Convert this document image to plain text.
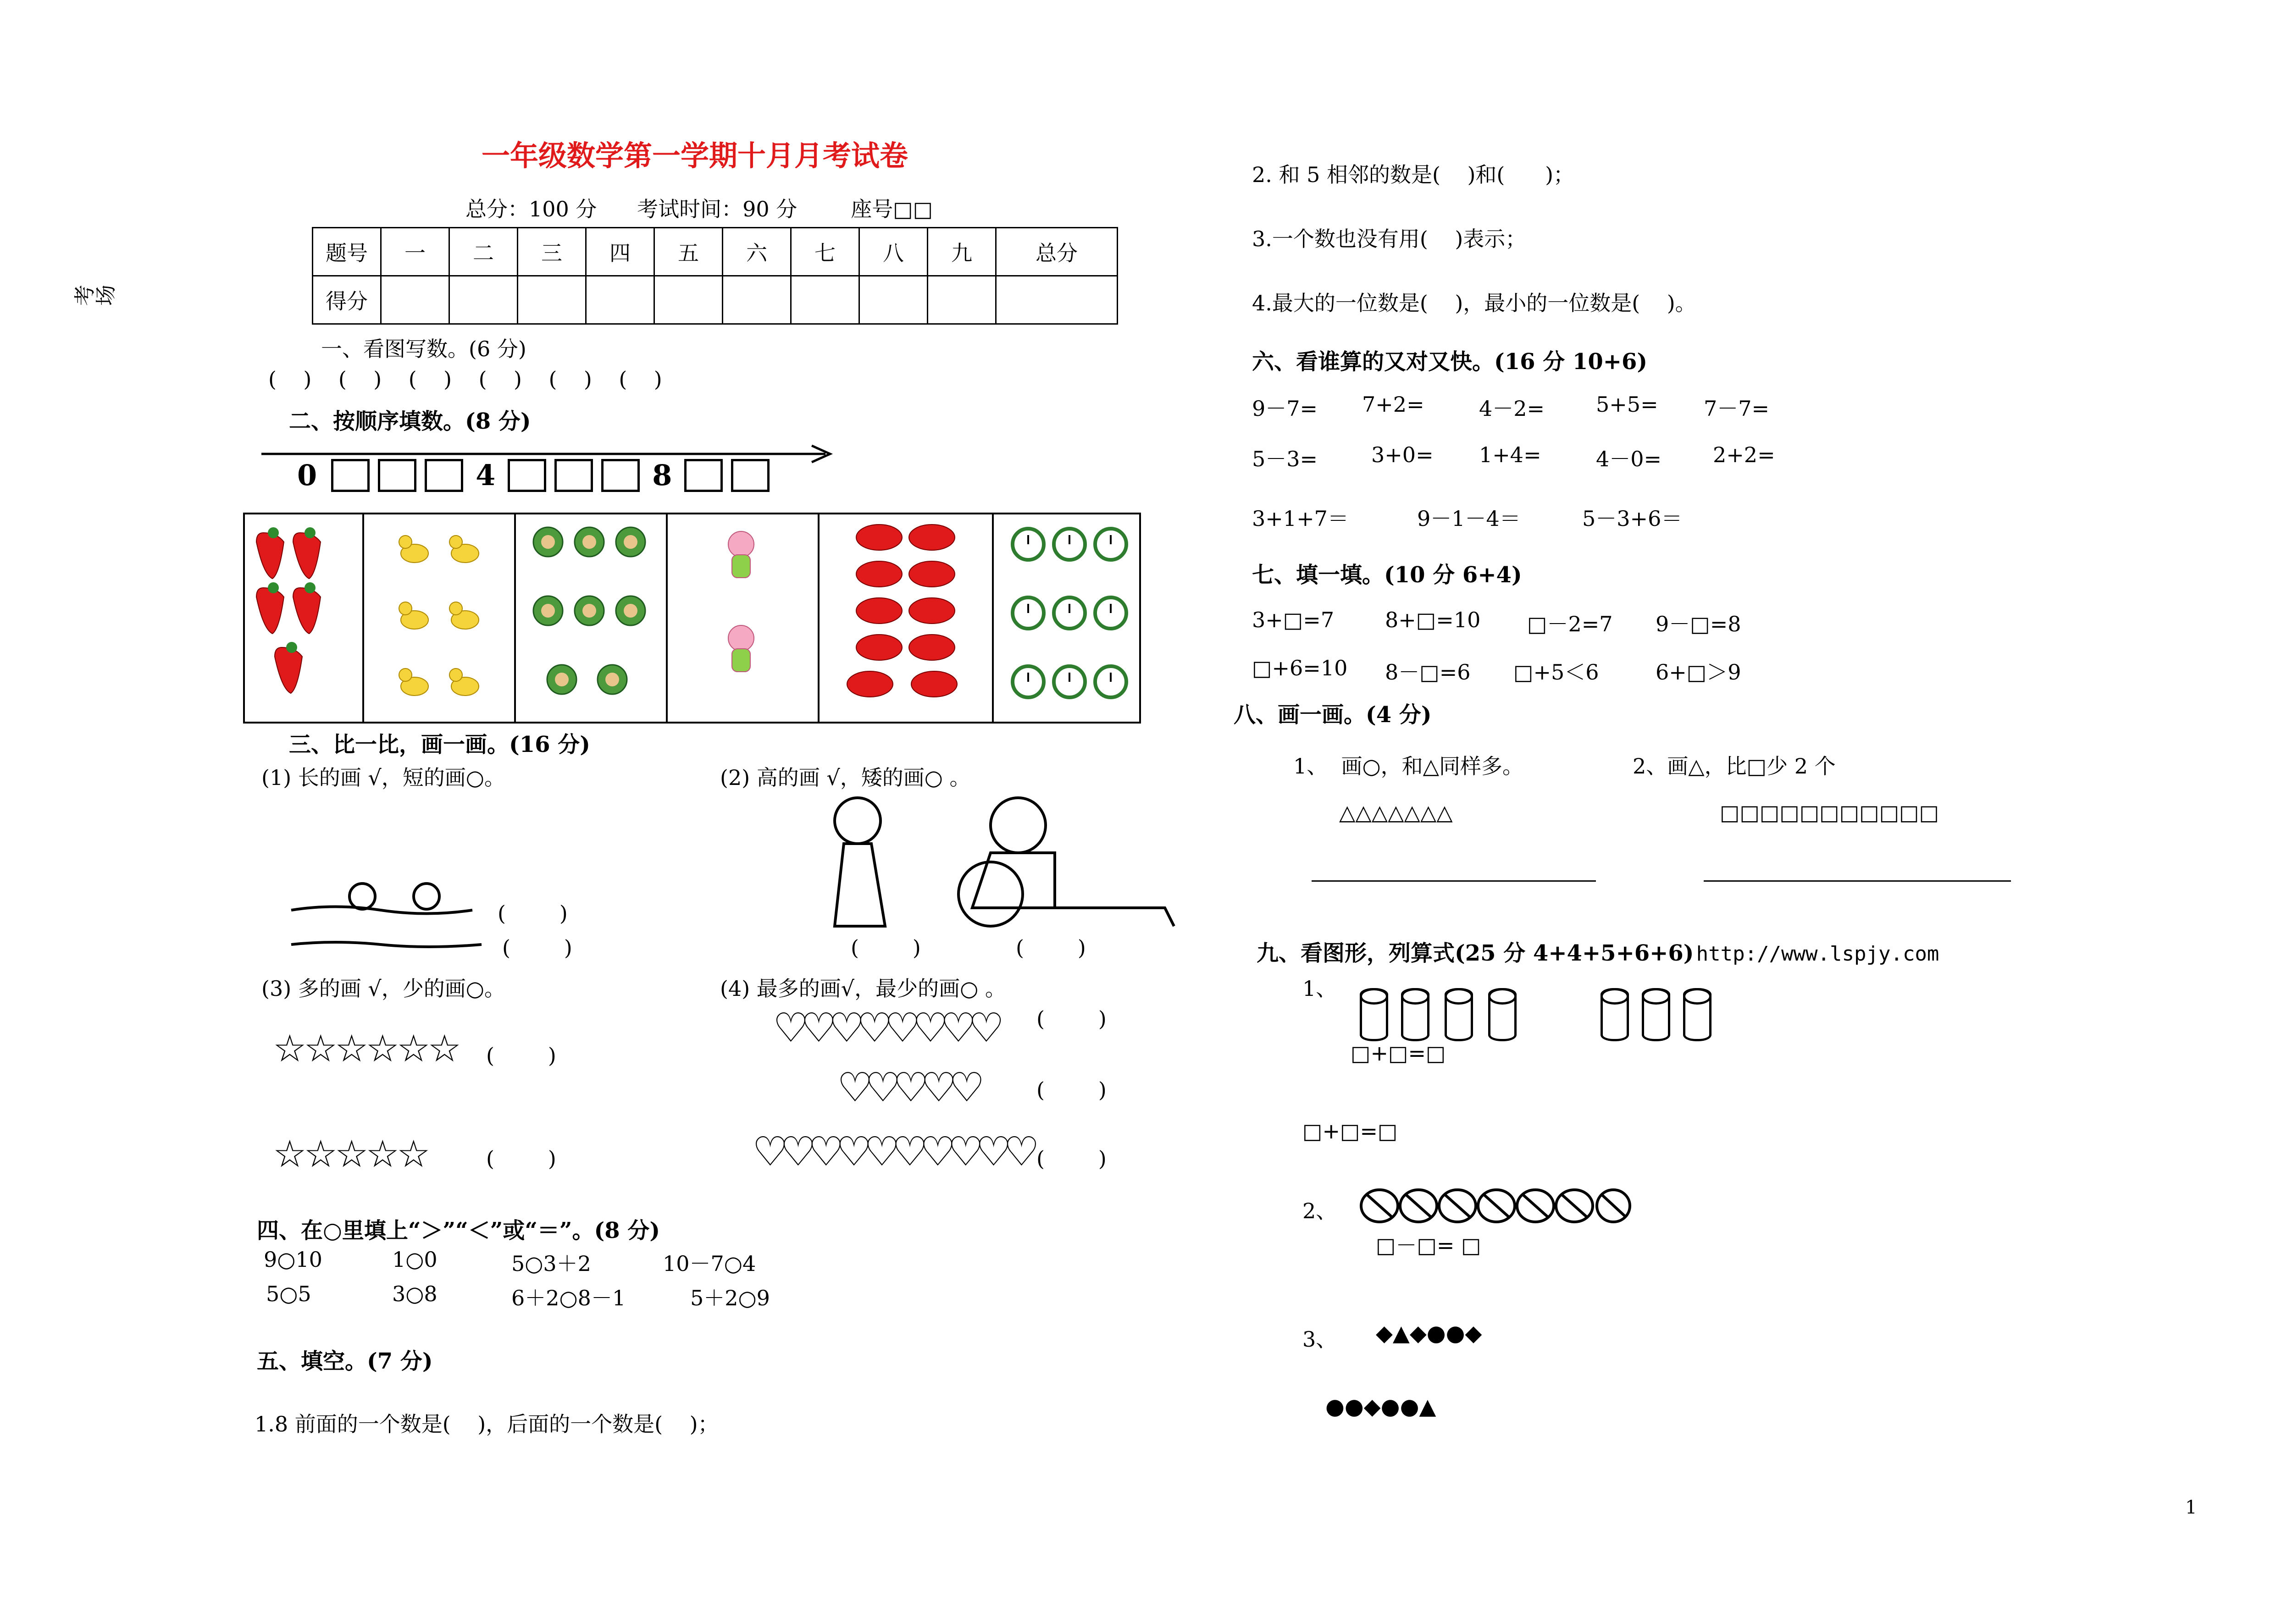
考场
一年级数学第一学期十月月考试卷
总分：100 分      考试时间：90 分        座号□□
题号	一	二	三	四	五	六	七	八	九	总分
得分										
一、看图写数。(6 分)
(    )    (    )    (    )    (    )    (    )    (    )
二、按顺序填数。(8 分)
0	4	8
三、比一比，画一画。(16 分)
(1) 长的画 √，短的画○。	(2) 高的画 √，矮的画○ 。
(        )
(        )	(        )	(        )
(3) 多的画 √，少的画○。	(4) 最多的画√，最少的画○ 。
☆☆☆☆☆☆ (        )
☆☆☆☆☆	(        )
♡♡♡♡♡♡♡♡ (        )
♡♡♡♡♡	(        )
♡♡♡♡♡♡♡♡♡♡ (        )
四、在○里填上“＞”“＜”或“＝”。(8 分)
9○10	1○0	5○3＋2	10－7○4
5○5	3○8	6＋2○8－1	5＋2○9
五、填空。(7 分)
1.8 前面的一个数是(    )，后面的一个数是(    )；
2. 和 5 相邻的数是(    )和(      )；
3.一个数也没有用(    )表示；
4.最大的一位数是(    )，最小的一位数是(    )。
六、看谁算的又对又快。(16 分 10+6)
9－7= 7+2=	4－2= 5+5= 7－7=
5－3=	3+0= 1+4=	4－0= 2+2=
3+1+7＝	9－1－4＝	5－3+6＝
七、填一填。(10 分 6+4)
3+□=7 8+□=10 □－2=7 9－□=8
□+6=10 8－□=6 □+5＜6	6+□＞9
八、画一画。(4 分)
1、  画○，和△同样多。	2、画△，比□少 2 个
△△△△△△△	□□□□□□□□□□□
九、看图形，列算式(25 分 4+4+5+6+6) http://www.lspjy.com
1、
□+□=□
□+□=□
2、
□－□= □
3、 ◆▲◆●●◆
●●◆●●▲
1
